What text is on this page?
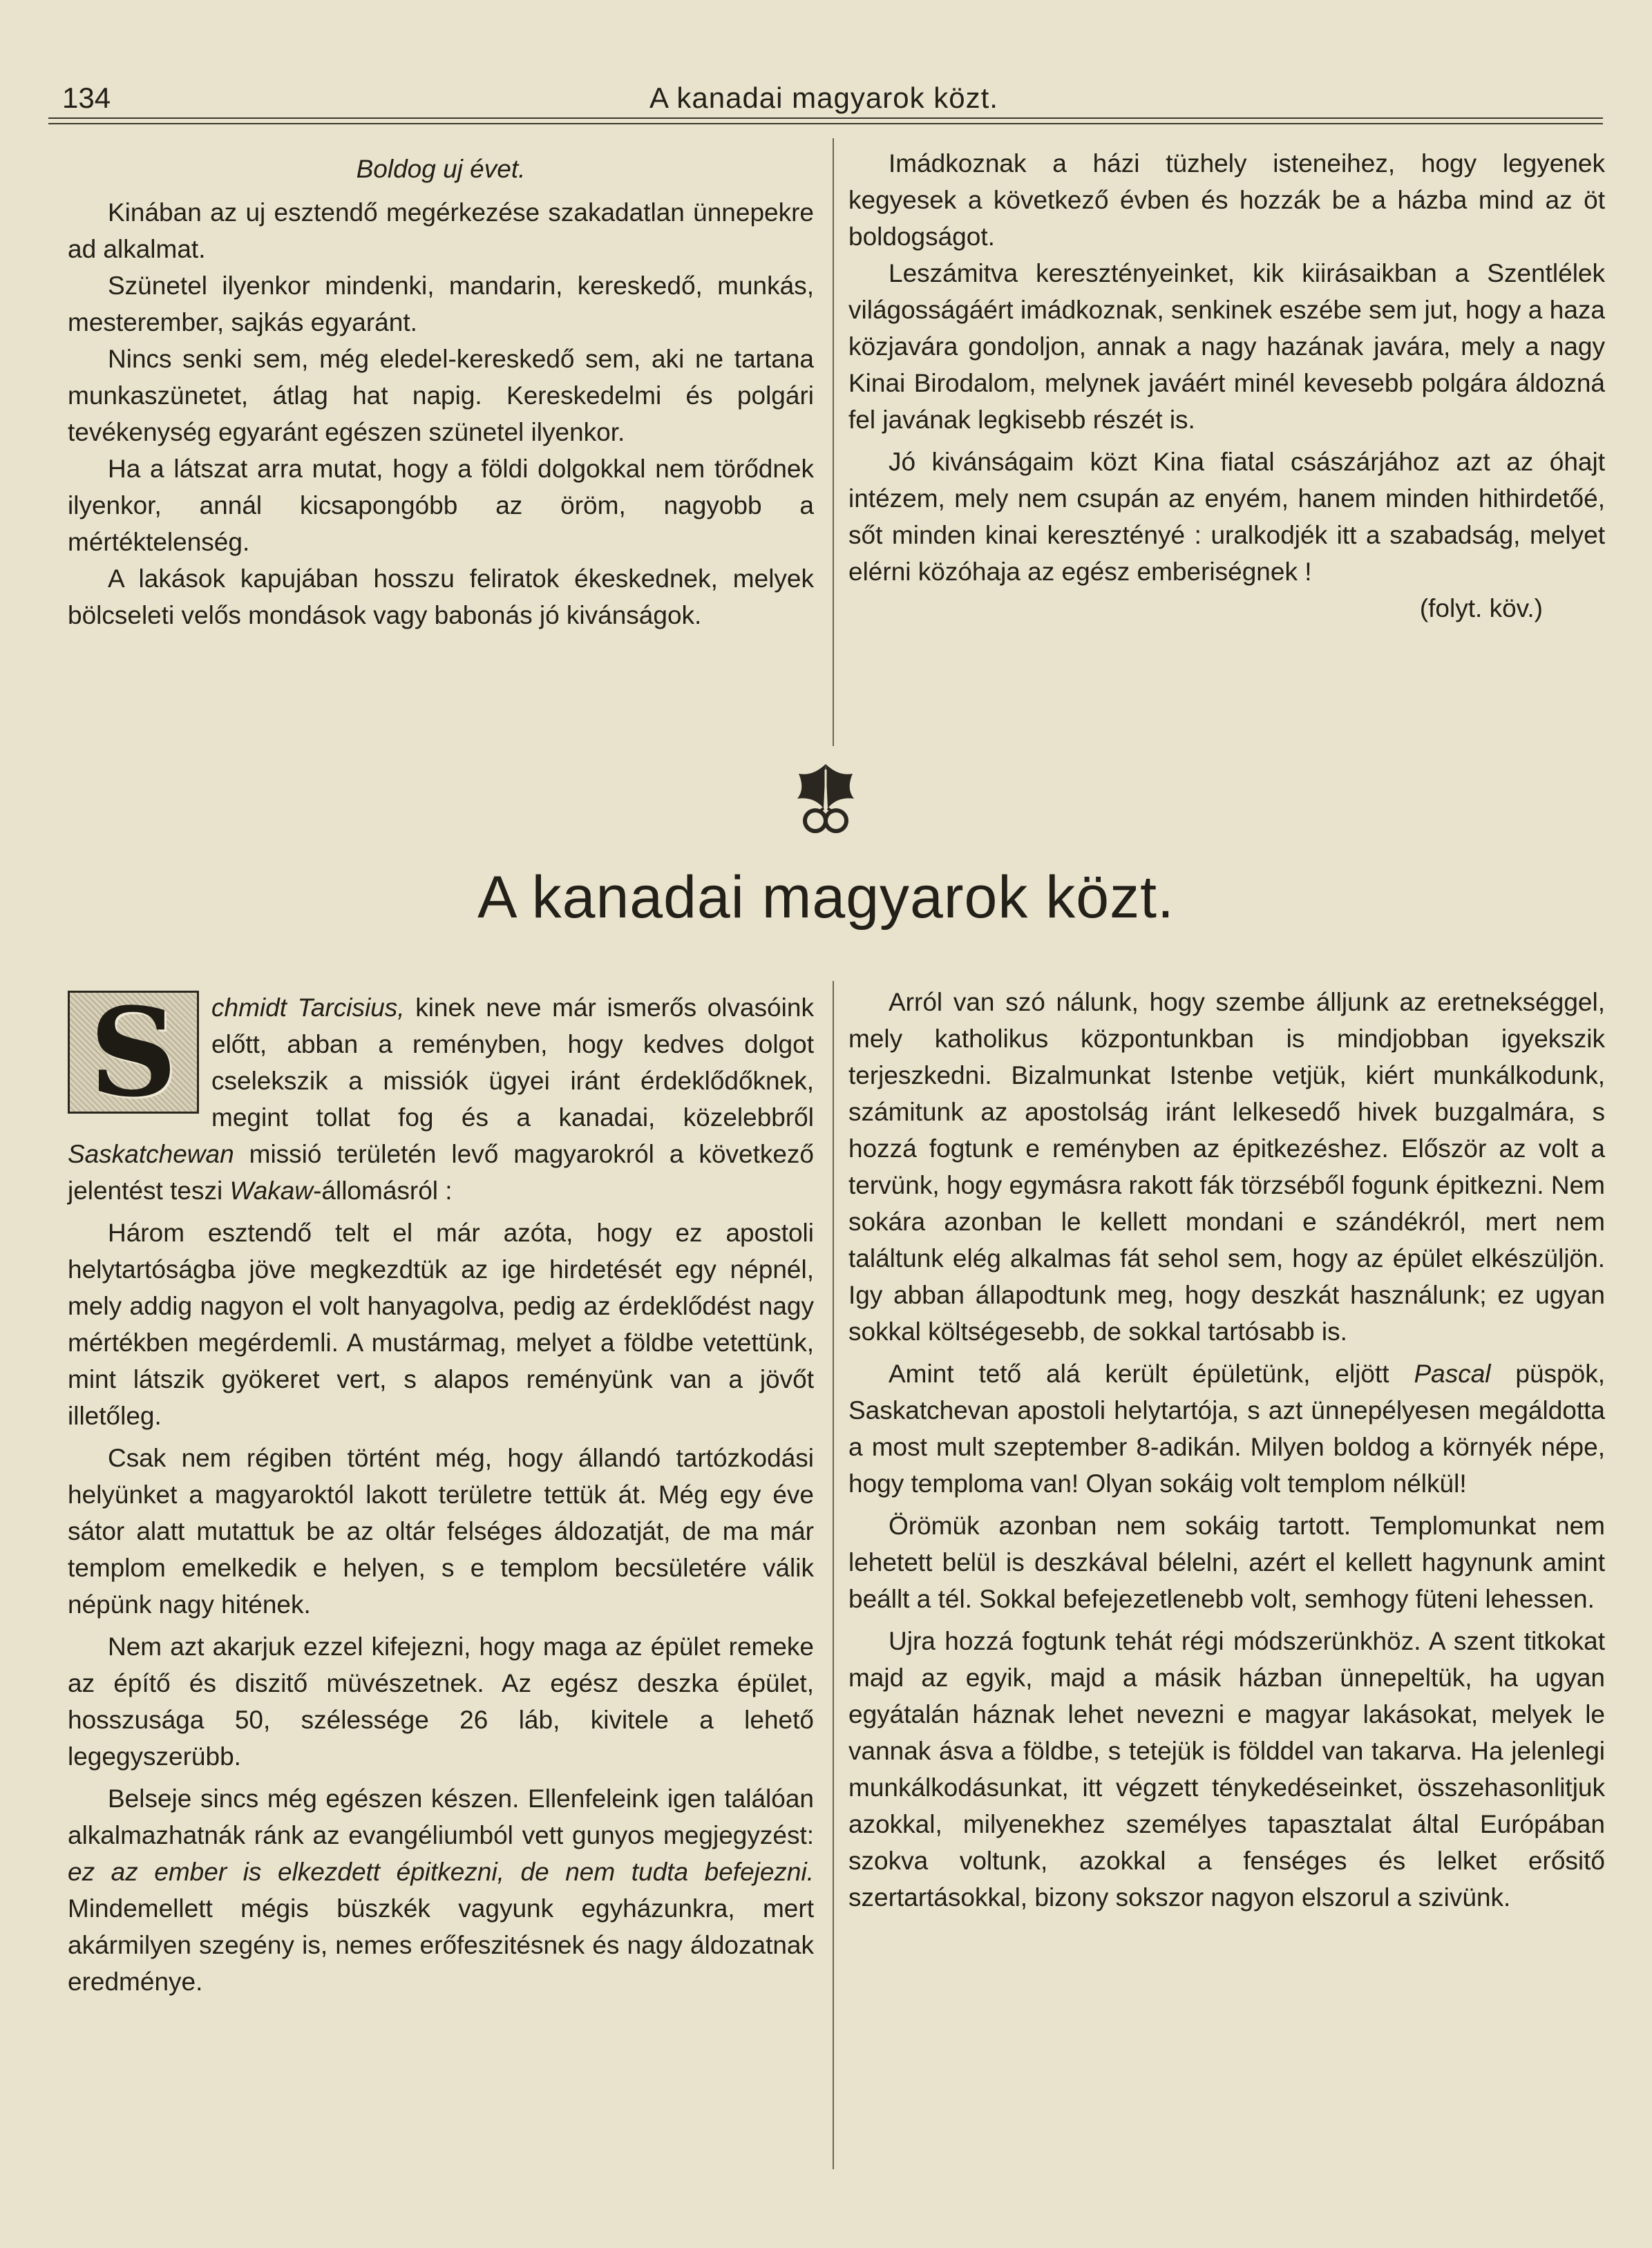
134	A kanadai magyarok közt.

Boldog uj évet.

Kinában az uj esztendő megérkezése szakadatlan ünnepekre ad alkalmat.

Szünetel ilyenkor mindenki, mandarin, kereskedő, munkás, mesterember, sajkás egyaránt.

Nincs senki sem, még eledel-kereskedő sem, aki ne tartana munkaszünetet, átlag hat napig. Kereskedelmi és polgári tevékenység egyaránt egészen szünetel ilyenkor.

Ha a látszat arra mutat, hogy a földi dolgokkal nem törődnek ilyenkor, annál kicsapongóbb az öröm, nagyobb a mértéktelenség.

A lakások kapujában hosszu feliratok ékeskednek, melyek bölcseleti velős mondások vagy babonás jó kivánságok.

Imádkoznak a házi tüzhely isteneihez, hogy legyenek kegyesek a következő évben és hozzák be a házba mind az öt boldogságot.

Leszámitva keresztényeinket, kik kiirásaikban a Szentlélek világosságáért imádkoznak, senkinek eszébe sem jut, hogy a haza közjavára gondoljon, annak a nagy hazának javára, mely a nagy Kinai Birodalom, melynek javáért minél kevesebb polgára áldozná fel javának legkisebb részét is.

Jó kivánságaim közt Kina fiatal császárjához azt az óhajt intézem, mely nem csupán az enyém, hanem minden hithirdetőé, sőt minden kinai keresztényé : uralkodjék itt a szabadság, melyet elérni közóhaja az egész emberiségnek !

(folyt. köv.)

A kanadai magyarok közt.

S	chmidt Tarcisius, kinek neve már ismerős olvasóink előtt, abban a reményben, hogy kedves dolgot cselekszik a missiók ügyei iránt érdeklődőknek, megint tollat fog és a kanadai, közelebbről Saskatchewan missió területén levő magyarokról a következő jelentést teszi Wakaw-állomásról :

Három esztendő telt el már azóta, hogy ez apostoli helytartóságba jöve megkezdtük az ige hirdetését egy népnél, mely addig nagyon el volt hanyagolva, pedig az érdeklődést nagy mértékben megérdemli. A mustármag, melyet a földbe vetettünk, mint látszik gyökeret vert, s alapos reményünk van a jövőt illetőleg.

Csak nem régiben történt még, hogy állandó tartózkodási helyünket a magyaroktól lakott területre tettük át. Még egy éve sátor alatt mutattuk be az oltár felséges áldozatját, de ma már templom emelkedik e helyen, s e templom becsületére válik népünk nagy hitének.

Nem azt akarjuk ezzel kifejezni, hogy maga az épület remeke az építő és diszitő müvészetnek. Az egész deszka épület, hosszusága 50, szélessége 26 láb, kivitele a lehető legegyszerübb.

Belseje sincs még egészen készen. Ellenfeleink igen találóan alkalmazhatnák ránk az evangéliumból vett gunyos megjegyzést: ez az ember is elkezdett épitkezni, de nem tudta befejezni. Mindemellett mégis büszkék vagyunk egyházunkra, mert akármilyen szegény is, nemes erőfeszitésnek és nagy áldozatnak eredménye.

Arról van szó nálunk, hogy szembe álljunk az eretnekséggel, mely katholikus központunkban is mindjobban igyekszik terjeszkedni. Bizalmunkat Istenbe vetjük, kiért munkálkodunk, számitunk az apostolság iránt lelkesedő hivek buzgalmára, s hozzá fogtunk e reményben az épitkezéshez. Először az volt a tervünk, hogy egymásra rakott fák törzséből fogunk épitkezni. Nem sokára azonban le kellett mondani e szándékról, mert nem találtunk elég alkalmas fát sehol sem, hogy az épület elkészüljön. Igy abban állapodtunk meg, hogy deszkát használunk; ez ugyan sokkal költségesebb, de sokkal tartósabb is.

Amint tető alá került épületünk, eljött Pascal püspök, Saskatchevan apostoli helytartója, s azt ünnepélyesen megáldotta a most mult szeptember 8-adikán. Milyen boldog a környék népe, hogy temploma van! Olyan sokáig volt templom nélkül!

Örömük azonban nem sokáig tartott. Templomunkat nem lehetett belül is deszkával bélelni, azért el kellett hagynunk amint beállt a tél. Sokkal befejezetlenebb volt, semhogy füteni lehessen.

Ujra hozzá fogtunk tehát régi módszerünkhöz. A szent titkokat majd az egyik, majd a másik házban ünnepeltük, ha ugyan egyátalán háznak lehet nevezni e magyar lakásokat, melyek le vannak ásva a földbe, s tetejük is földdel van takarva. Ha jelenlegi munkálkodásunkat, itt végzett ténykedéseinket, összehasonlitjuk azokkal, milyenekhez személyes tapasztalat által Európában szokva voltunk, azokkal a fenséges és lelket erősitő szertartásokkal, bizony sokszor nagyon elszorul a szivünk.
